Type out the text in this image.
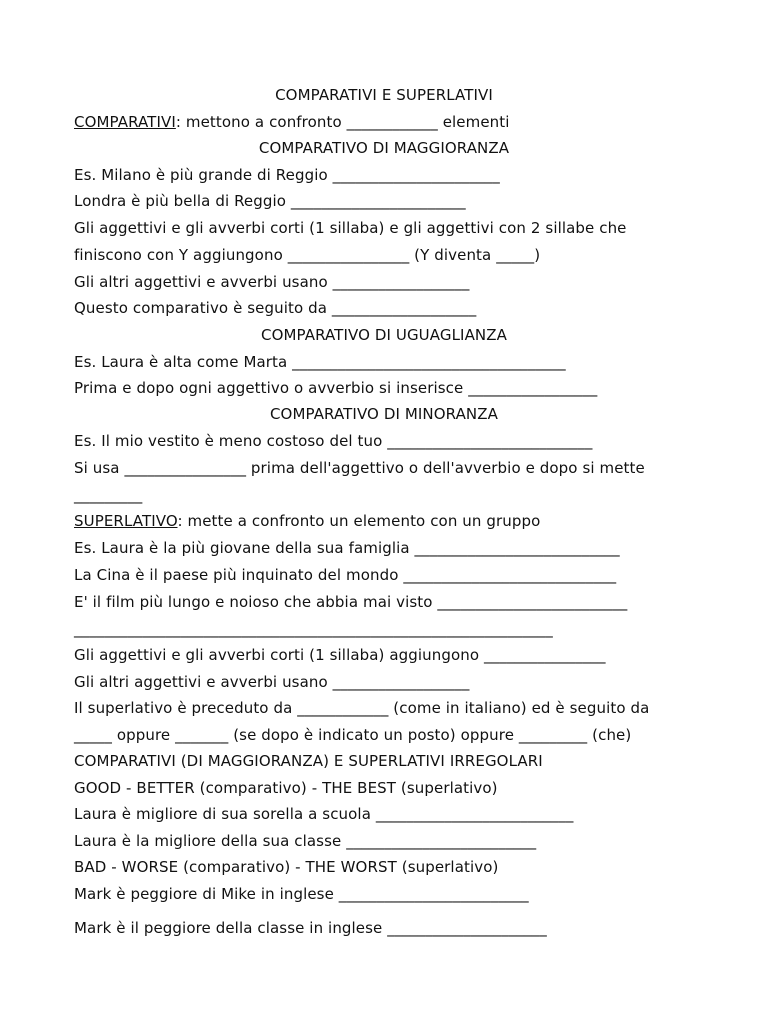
COMPARATIVI E SUPERLATIVI
COMPARATIVI: mettono a confronto ____________ elementi
COMPARATIVO DI MAGGIORANZA
Es. Milano è più grande di Reggio ______________________
Londra è più bella di Reggio _______________________
Gli aggettivi e gli avverbi corti (1 sillaba) e gli aggettivi con 2 sillabe che
finiscono con Y aggiungono ________________ (Y diventa _____)
Gli altri aggettivi e avverbi usano __________________
Questo comparativo è seguito da ___________________
COMPARATIVO DI UGUAGLIANZA
Es. Laura è alta come Marta ____________________________________
Prima e dopo ogni aggettivo o avverbio si inserisce _________________
COMPARATIVO DI MINORANZA
Es. Il mio vestito è meno costoso del tuo ___________________________
Si usa ________________ prima dell'aggettivo o dell'avverbio e dopo si mette
_________
SUPERLATIVO: mette a confronto un elemento con un gruppo
Es. Laura è la più giovane della sua famiglia ___________________________
La Cina è il paese più inquinato del mondo ____________________________
E' il film più lungo e noioso che abbia mai visto _________________________
_______________________________________________________________
Gli aggettivi e gli avverbi corti (1 sillaba) aggiungono ________________
Gli altri aggettivi e avverbi usano __________________
Il superlativo è preceduto da ____________ (come in italiano) ed è seguito da
_____ oppure _______ (se dopo è indicato un posto) oppure _________ (che)
COMPARATIVI (DI MAGGIORANZA) E SUPERLATIVI IRREGOLARI
GOOD - BETTER (comparativo) - THE BEST (superlativo)
Laura è migliore di sua sorella a scuola __________________________
Laura è la migliore della sua classe _________________________
BAD - WORSE (comparativo) - THE WORST (superlativo)
Mark è peggiore di Mike in inglese _________________________
Mark è il peggiore della classe in inglese _____________________
